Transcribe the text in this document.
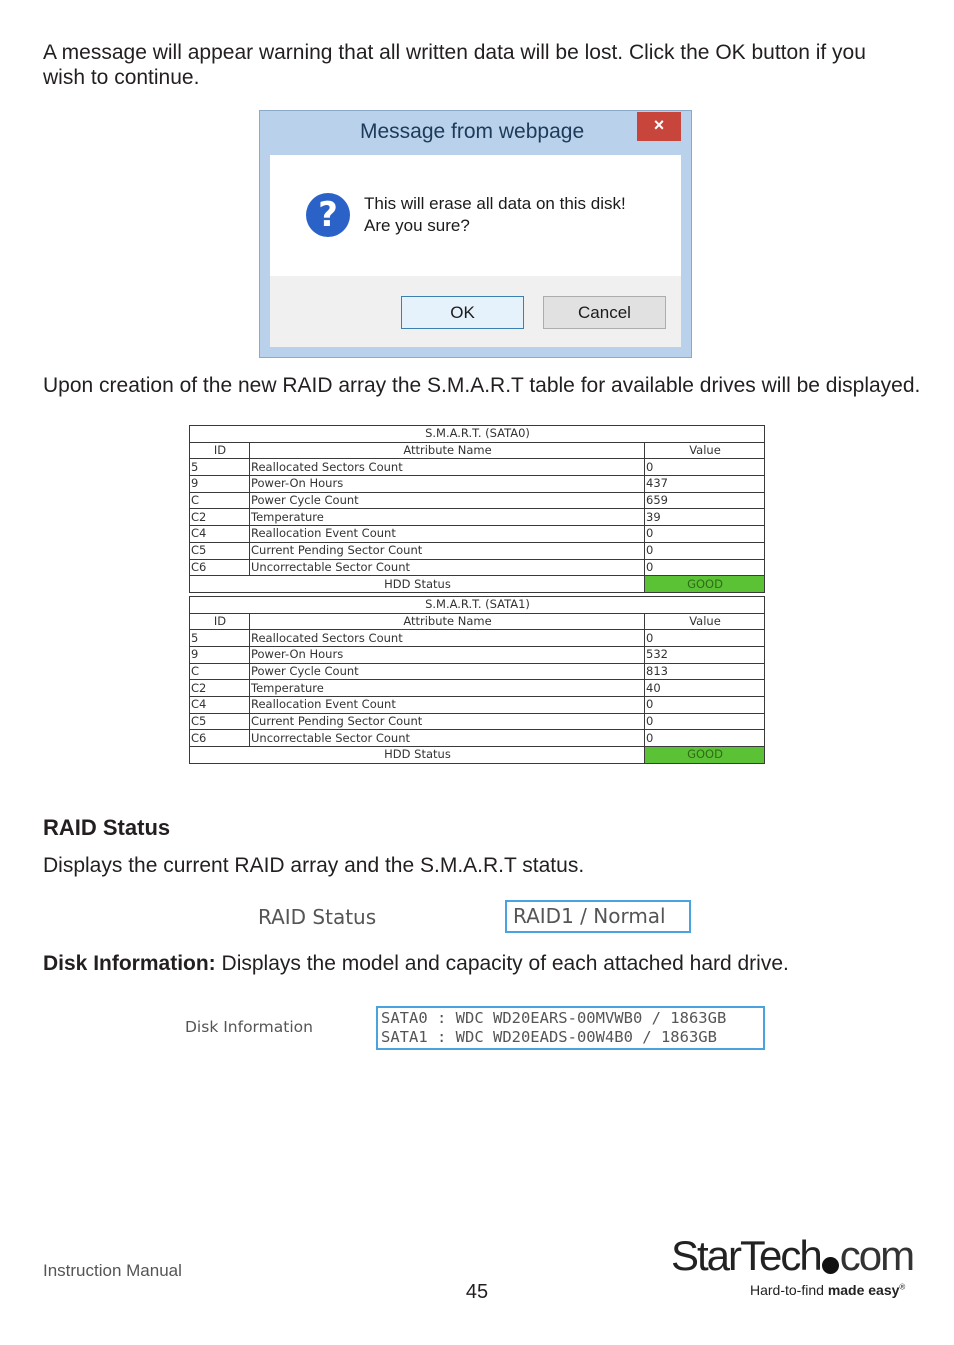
A message will appear warning that all written data will be lost. Click the OK button if you wish to continue.

Message from webpage	×
?	This will erase all data on this disk!
Are you sure?
OK	Cancel

Upon creation of the new RAID array the S.M.A.R.T table for available drives will be displayed.

S.M.A.R.T. (SATA0)		
ID	Attribute Name	Value
5	Reallocated Sectors Count	0
9	Power-On Hours	437
C	Power Cycle Count	659
C2	Temperature	39
C4	Reallocation Event Count	0
C5	Current Pending Sector Count	0
C6	Uncorrectable Sector Count	0
HDD Status		GOOD

S.M.A.R.T. (SATA1)		
ID	Attribute Name	Value
5	Reallocated Sectors Count	0
9	Power-On Hours	532
C	Power Cycle Count	813
C2	Temperature	40
C4	Reallocation Event Count	0
C5	Current Pending Sector Count	0
C6	Uncorrectable Sector Count	0
HDD Status		GOOD
RAID Status

Displays the current RAID array and the S.M.A.R.T status.

RAID Status	RAID1 / Normal

Disk Information: Displays the model and capacity of each attached hard drive.

Disk Information	SATA0 : WDC WD20EARS-00MVWB0 / 1863GB
SATA1 : WDC WD20EADS-00W4B0 / 1863GB
Instruction Manual
45
StarTech com
Hard-to-find made easy®
